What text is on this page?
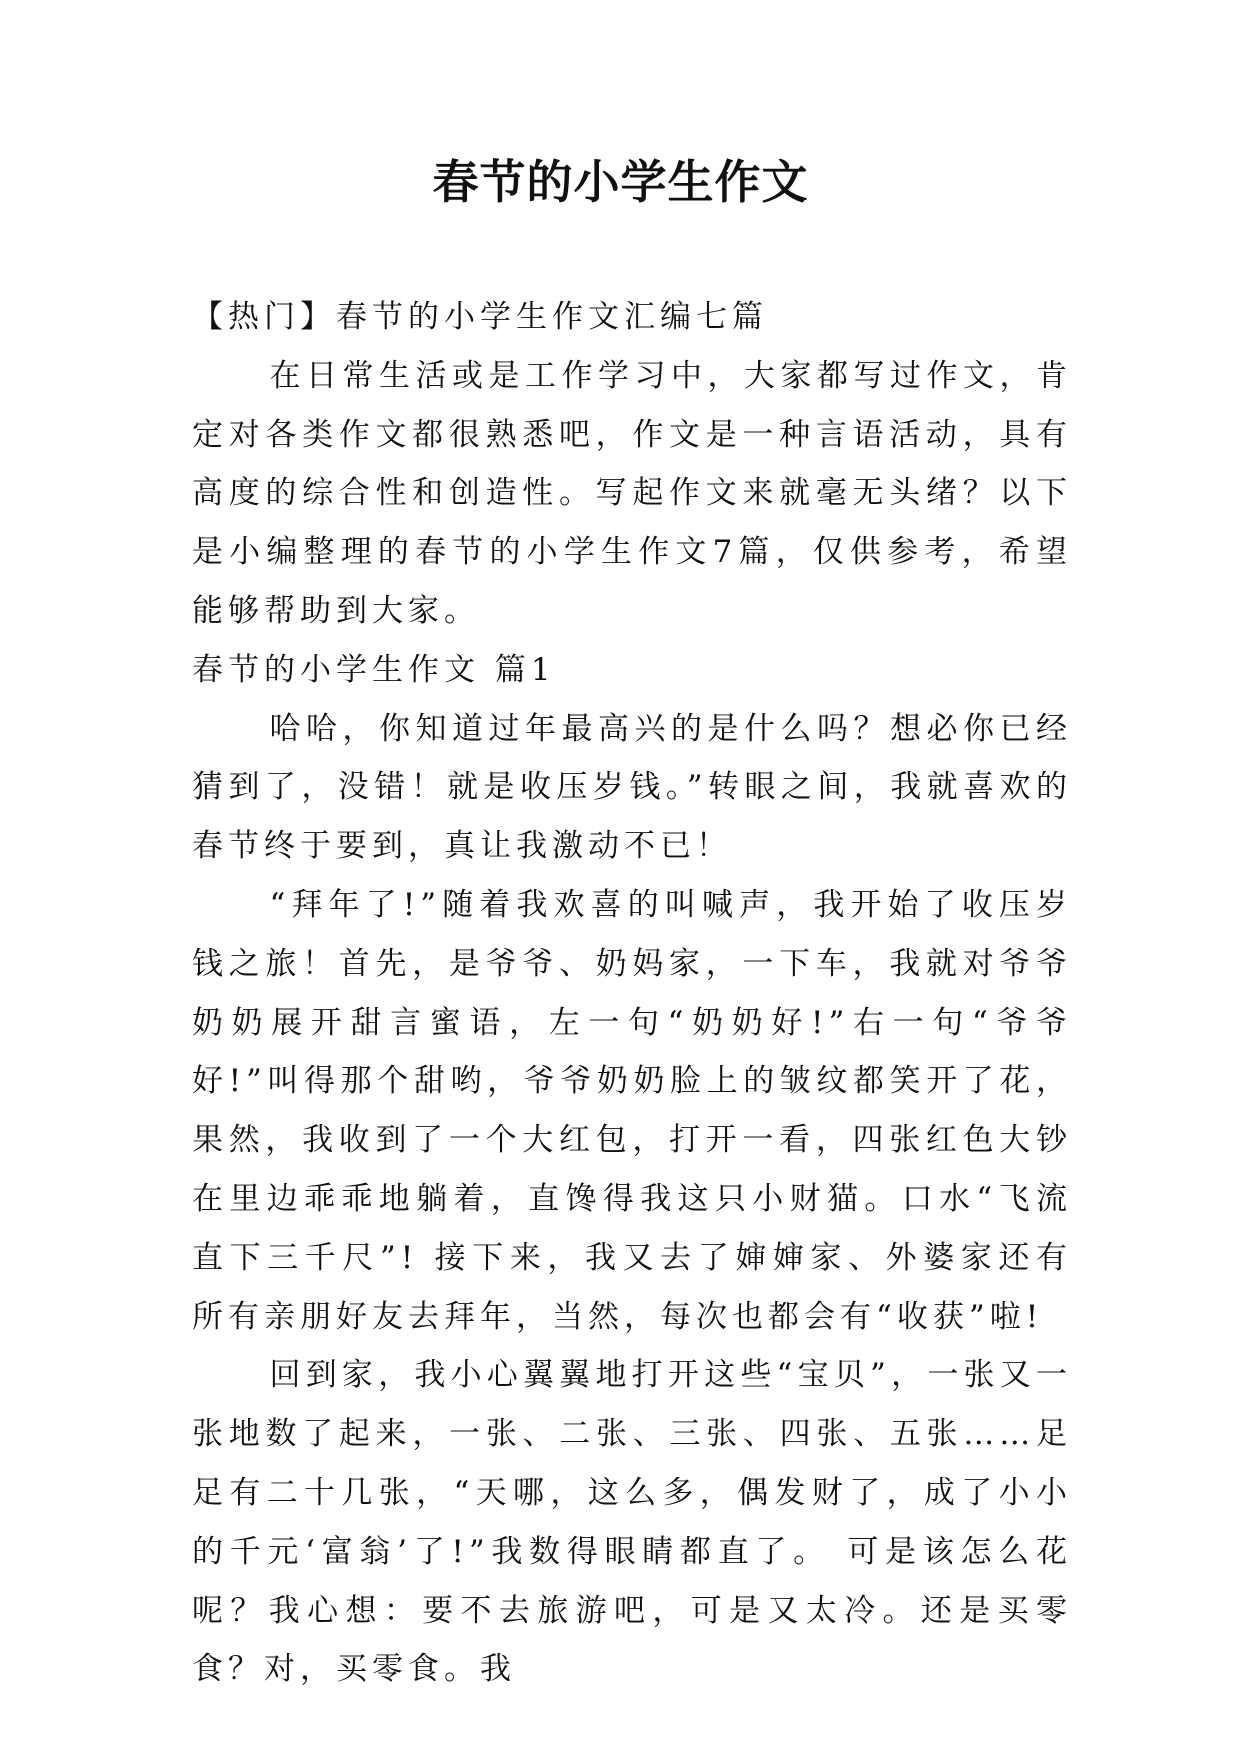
春节的小学生作文

【热门】春节的小学生作文汇编七篇

在日常生活或是工作学习中，大家都写过作文，肯定对各类作文都很熟悉吧，作文是一种言语活动，具有高度的综合性和创造性。写起作文来就毫无头绪？以下是小编整理的春节的小学生作文7篇，仅供参考，希望能够帮助到大家。

春节的小学生作文 篇1

哈哈，你知道过年最高兴的是什么吗？想必你已经猜到了，没错！就是收压岁钱。”转眼之间，我就喜欢的春节终于要到，真让我激动不已！

“拜年了!”随着我欢喜的叫喊声，我开始了收压岁钱之旅！首先，是爷爷、奶妈家，一下车，我就对爷爷奶奶展开甜言蜜语，左一句“奶奶好!”右一句“爷爷好!”叫得那个甜哟，爷爷奶奶脸上的皱纹都笑开了花，果然，我收到了一个大红包，打开一看，四张红色大钞在里边乖乖地躺着，直馋得我这只小财猫。口水“飞流直下三千尺”! 接下来，我又去了婶婶家、外婆家还有所有亲朋好友去拜年，当然，每次也都会有“收获”啦!

回到家，我小心翼翼地打开这些“宝贝”，一张又一张地数了起来，一张、二张、三张、四张、五张……足足有二十几张，“天哪，这么多，偶发财了，成了小小的千元‘富翁’了!”我数得眼睛都直了。 可是该怎么花呢？我心想：要不去旅游吧，可是又太冷。还是买零食？对，买零食。我
